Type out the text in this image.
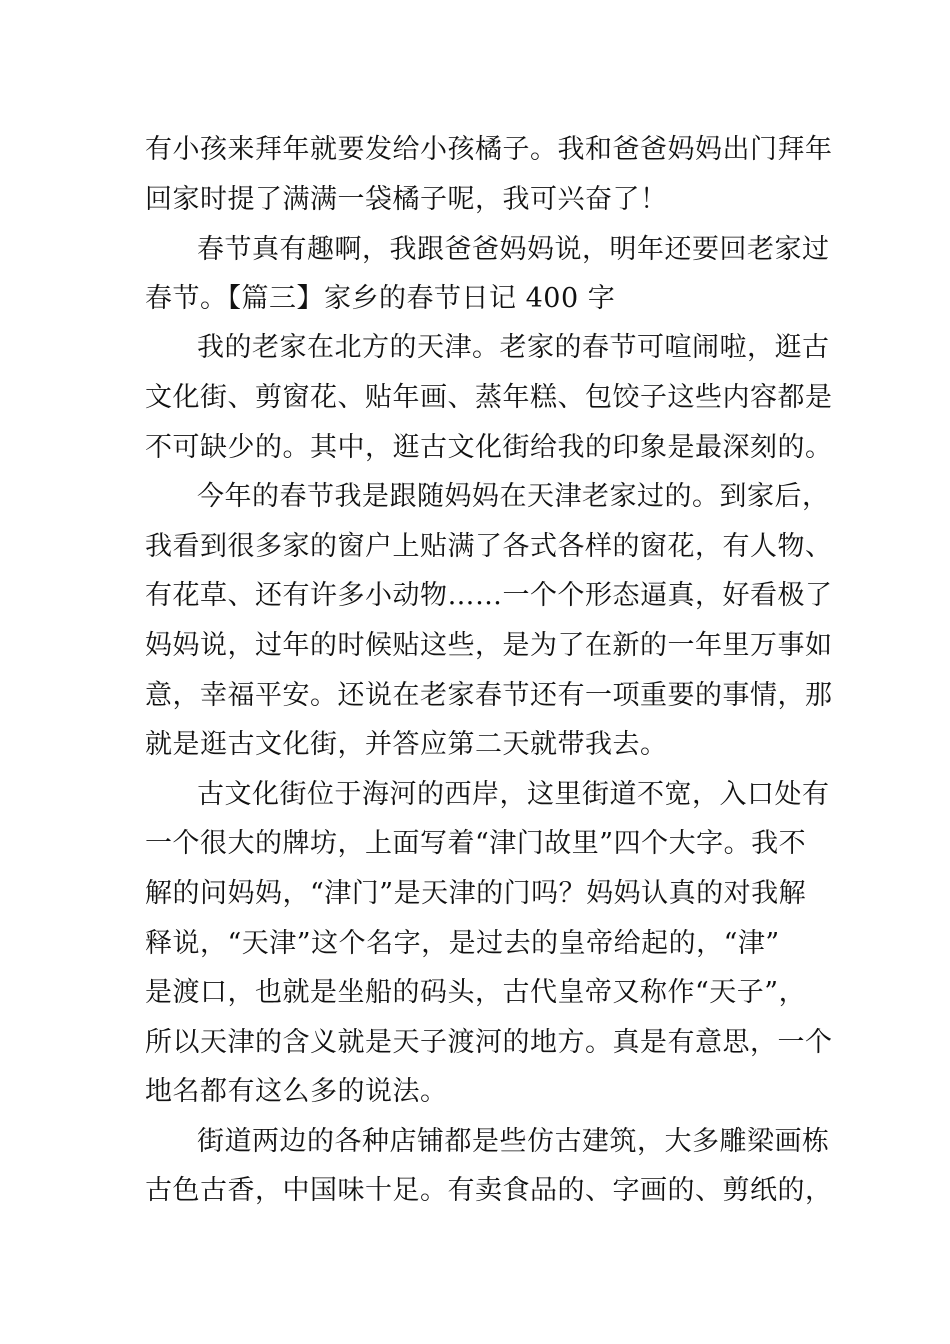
有小孩来拜年就要发给小孩橘子。我和爸爸妈妈出门拜年
回家时提了满满一袋橘子呢，我可兴奋了！
春节真有趣啊，我跟爸爸妈妈说，明年还要回老家过
春节。【篇三】家乡的春节日记 400 字
我的老家在北方的天津。老家的春节可喧闹啦，逛古
文化街、剪窗花、贴年画、蒸年糕、包饺子这些内容都是
不可缺少的。其中，逛古文化街给我的印象是最深刻的。
今年的春节我是跟随妈妈在天津老家过的。到家后，
我看到很多家的窗户上贴满了各式各样的窗花，有人物、
有花草、还有许多小动物……一个个形态逼真，好看极了
妈妈说，过年的时候贴这些，是为了在新的一年里万事如
意，幸福平安。还说在老家春节还有一项重要的事情，那
就是逛古文化街，并答应第二天就带我去。
古文化街位于海河的西岸，这里街道不宽，入口处有
一个很大的牌坊，上面写着“津门故里”四个大字。我不
解的问妈妈，“津门”是天津的门吗？妈妈认真的对我解
释说，“天津”这个名字，是过去的皇帝给起的，“津”
是渡口，也就是坐船的码头，古代皇帝又称作“天子”，
所以天津的含义就是天子渡河的地方。真是有意思，一个
地名都有这么多的说法。
街道两边的各种店铺都是些仿古建筑，大多雕梁画栋
古色古香，中国味十足。有卖食品的、字画的、剪纸的，
